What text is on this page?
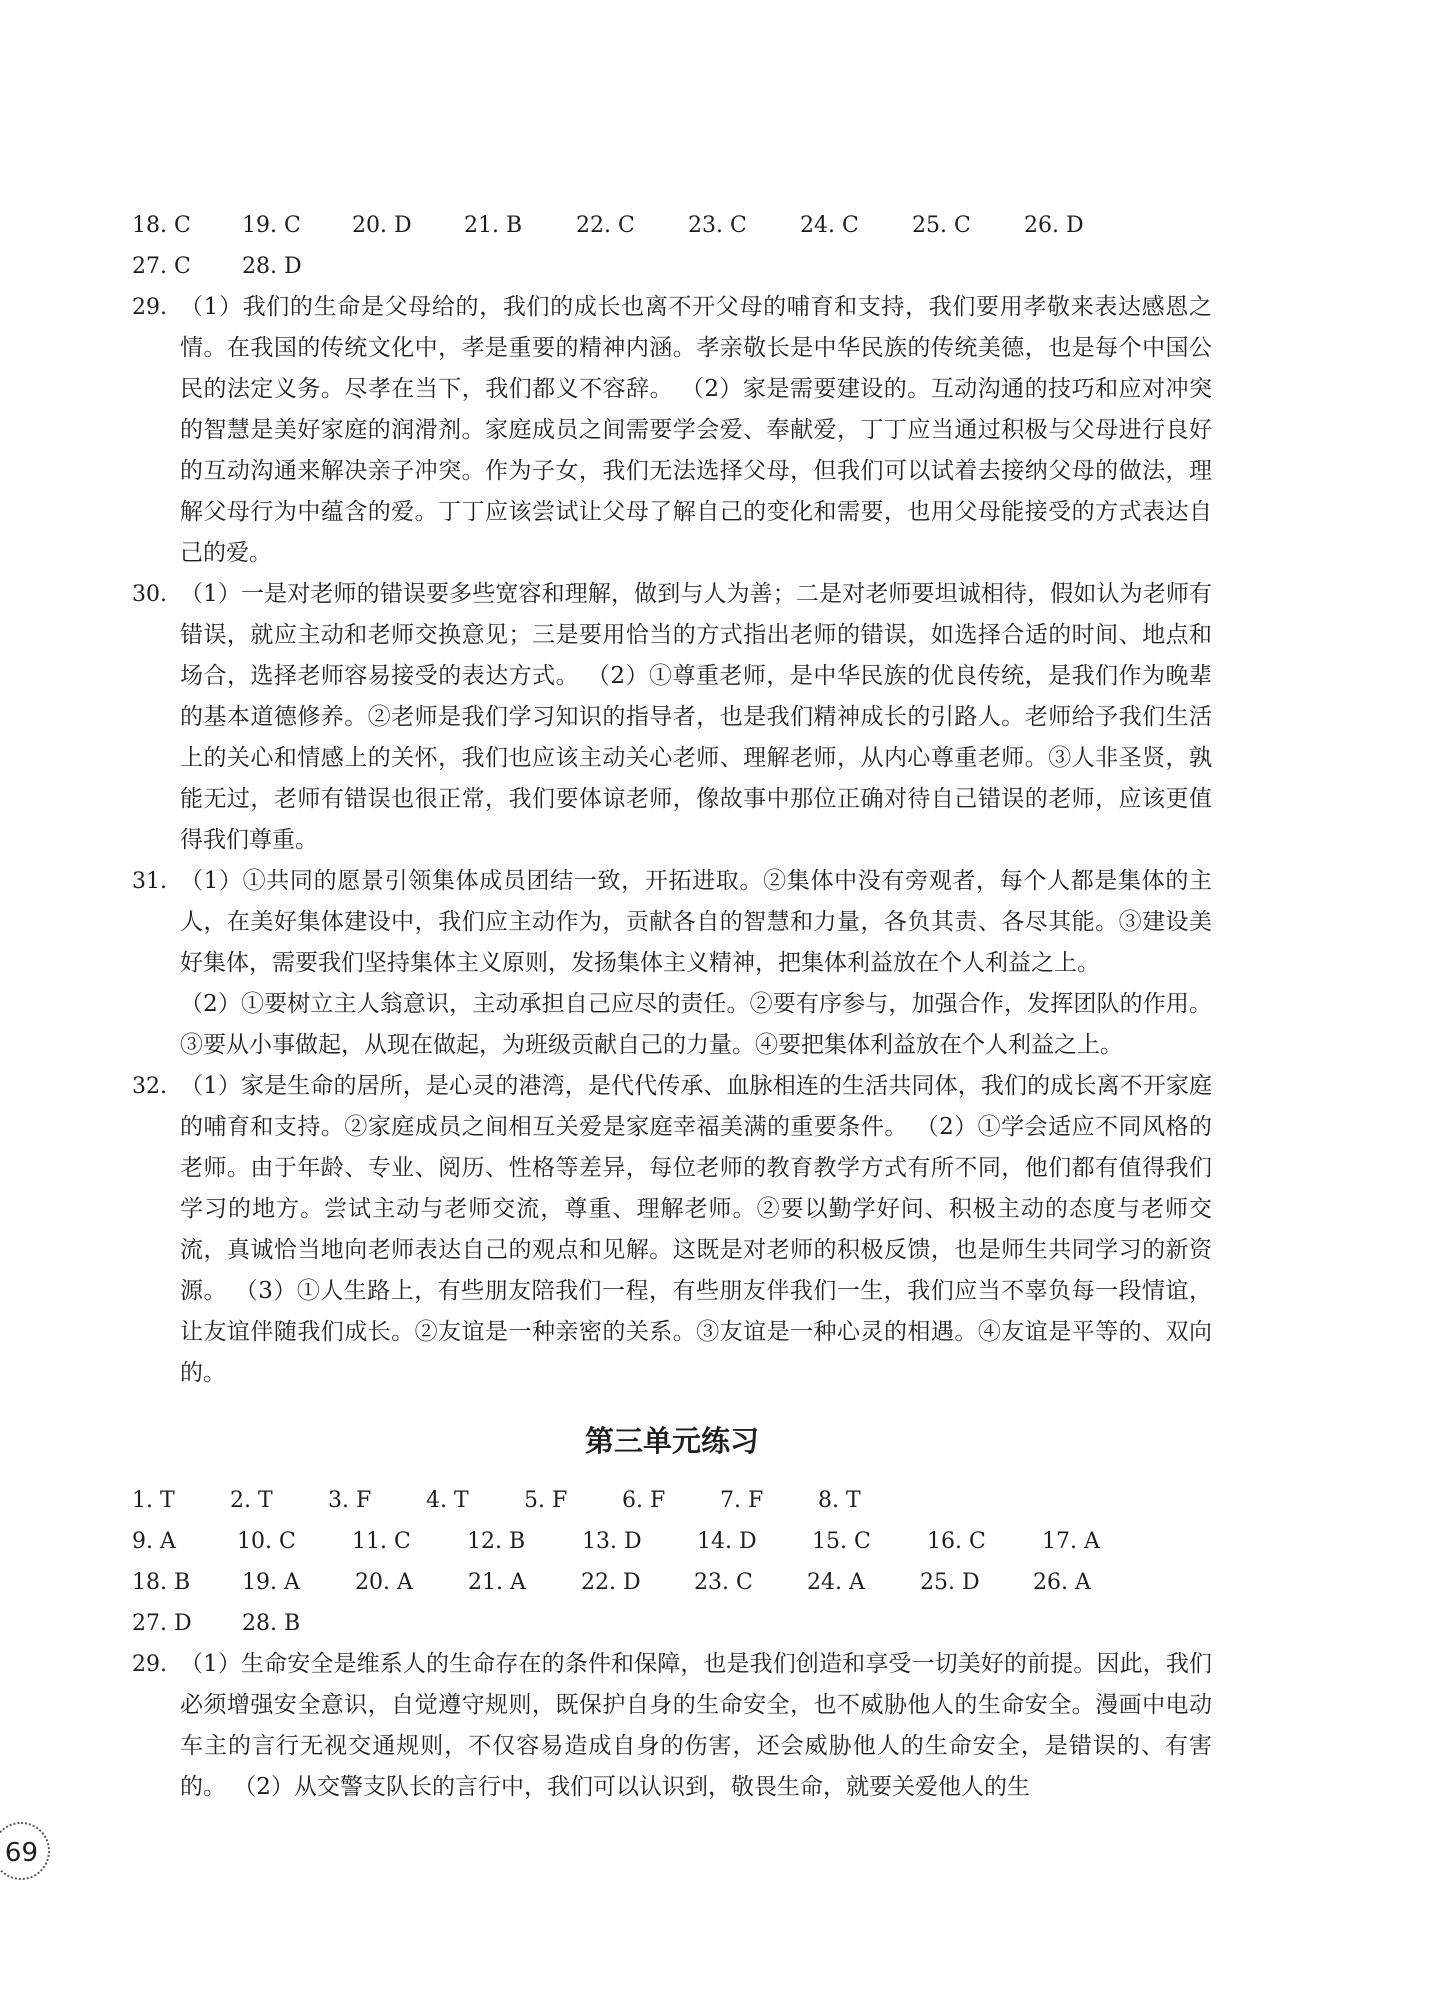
18. C	19. C	20. D	21. B	22. C	23. C	24. C	25. C	26. D
27. C	28. D
29. （1）我们的生命是父母给的，我们的成长也离不开父母的哺育和支持，我们要用孝敬来表达感恩之情。在我国的传统文化中，孝是重要的精神内涵。孝亲敬长是中华民族的传统美德，也是每个中国公民的法定义务。尽孝在当下，我们都义不容辞。 （2）家是需要建设的。互动沟通的技巧和应对冲突的智慧是美好家庭的润滑剂。家庭成员之间需要学会爱、奉献爱，丁丁应当通过积极与父母进行良好的互动沟通来解决亲子冲突。作为子女，我们无法选择父母，但我们可以试着去接纳父母的做法，理解父母行为中蕴含的爱。丁丁应该尝试让父母了解自己的变化和需要，也用父母能接受的方式表达自己的爱。
30. （1）一是对老师的错误要多些宽容和理解，做到与人为善；二是对老师要坦诚相待，假如认为老师有错误，就应主动和老师交换意见；三是要用恰当的方式指出老师的错误，如选择合适的时间、地点和场合，选择老师容易接受的表达方式。 （2）①尊重老师，是中华民族的优良传统，是我们作为晚辈的基本道德修养。②老师是我们学习知识的指导者，也是我们精神成长的引路人。老师给予我们生活上的关心和情感上的关怀，我们也应该主动关心老师、理解老师，从内心尊重老师。③人非圣贤，孰能无过，老师有错误也很正常，我们要体谅老师，像故事中那位正确对待自己错误的老师，应该更值得我们尊重。
31. （1）①共同的愿景引领集体成员团结一致，开拓进取。②集体中没有旁观者，每个人都是集体的主人，在美好集体建设中，我们应主动作为，贡献各自的智慧和力量，各负其责、各尽其能。③建设美好集体，需要我们坚持集体主义原则，发扬集体主义精神，把集体利益放在个人利益之上。
（2）①要树立主人翁意识，主动承担自己应尽的责任。②要有序参与，加强合作，发挥团队的作用。③要从小事做起，从现在做起，为班级贡献自己的力量。④要把集体利益放在个人利益之上。
32. （1）家是生命的居所，是心灵的港湾，是代代传承、血脉相连的生活共同体，我们的成长离不开家庭的哺育和支持。②家庭成员之间相互关爱是家庭幸福美满的重要条件。 （2）①学会适应不同风格的老师。由于年龄、专业、阅历、性格等差异，每位老师的教育教学方式有所不同，他们都有值得我们学习的地方。尝试主动与老师交流，尊重、理解老师。②要以勤学好问、积极主动的态度与老师交流，真诚恰当地向老师表达自己的观点和见解。这既是对老师的积极反馈，也是师生共同学习的新资源。 （3）①人生路上，有些朋友陪我们一程，有些朋友伴我们一生，我们应当不辜负每一段情谊，让友谊伴随我们成长。②友谊是一种亲密的关系。③友谊是一种心灵的相遇。④友谊是平等的、双向的。
第三单元练习
1. T	2. T	3. F	4. T	5. F	6. F	7. F	8. T
9. A	10. C	11. C	12. B	13. D	14. D	15. C	16. C	17. A
18. B	19. A	20. A	21. A	22. D	23. C	24. A	25. D	26. A
27. D	28. B
29. （1）生命安全是维系人的生命存在的条件和保障，也是我们创造和享受一切美好的前提。因此，我们必须增强安全意识，自觉遵守规则，既保护自身的生命安全，也不威胁他人的生命安全。漫画中电动车主的言行无视交通规则，不仅容易造成自身的伤害，还会威胁他人的生命安全，是错误的、有害的。 （2）从交警支队长的言行中，我们可以认识到，敬畏生命，就要关爱他人的生
69
